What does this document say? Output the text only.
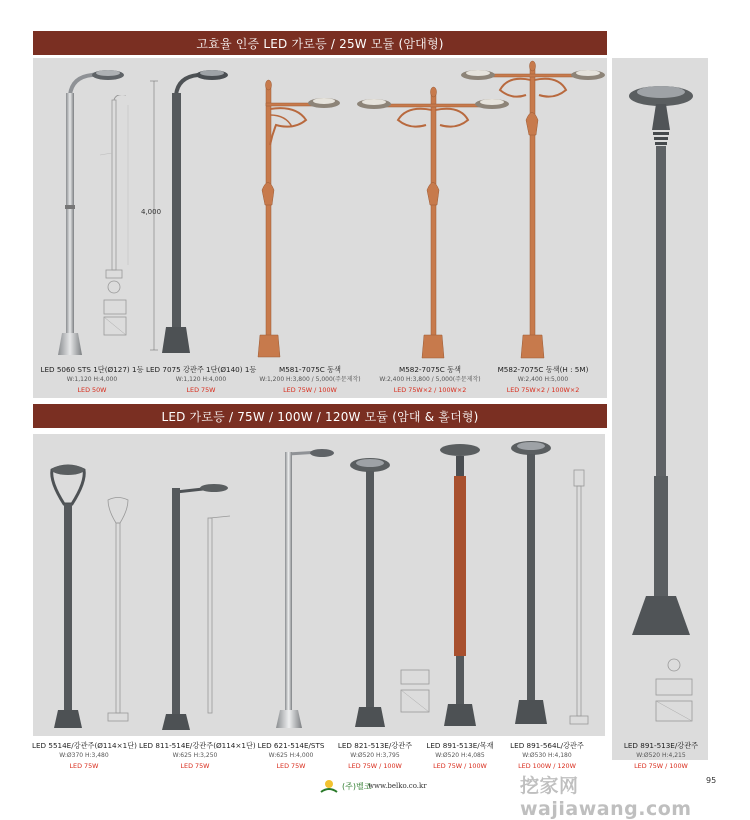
고효율 인증 LED 가로등 / 25W 모듈 (암대형)
LED 가로등 / 75W / 100W / 120W 모듈 (암대 & 홀더형)
4,000
LED 5060 STS 1단(Ø127) 1등
W:1,120 H:4,000
LED 50W
LED 7075 강관주 1단(Ø140) 1등
W:1,120 H:4,000
LED 75W
M581-7075C 동색
W:1,200 H:3,800 / 5,000(주문제작)
LED 75W / 100W
M582-7075C 동색
W:2,400 H:3,800 / 5,000(주문제작)
LED 75W×2 / 100W×2
M582-7075C 동색(H : 5M)
W:2,400 H:5,000
LED 75W×2 / 100W×2
LED 5514E/강관주(Ø114×1단)
W:Ø370 H:3,480
LED 75W
LED 811-514E/강관주(Ø114×1단)
W:625 H:3,250
LED 75W
LED 621-514E/STS
W:625 H:4,000
LED 75W
LED 821-513E/강관주
W:Ø520 H:3,795
LED 75W / 100W
LED 891-513E/목재
W:Ø520 H:4,085
LED 75W / 100W
LED 891-564L/강관주
W:Ø530 H:4,180
LED 100W / 120W
LED 891-513E/강관주
W:Ø520 H:4,215
LED 75W / 100W
(주)벨코
www.belko.co.kr	挖家网 wajiawang.com
95
